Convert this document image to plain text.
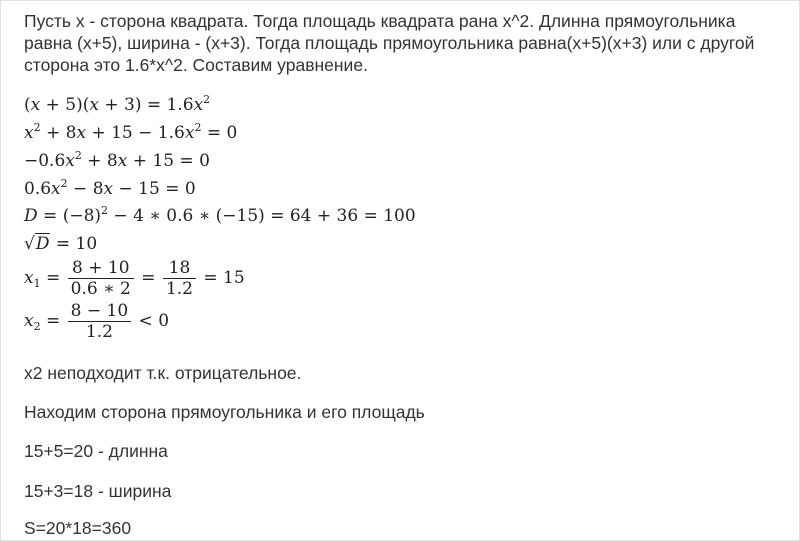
Пусть x - сторона квадрата. Тогда площадь квадрата рана x^2. Длинна прямоугольника равна (x+5), ширина - (x+3). Тогда площадь прямоугольника равна(x+5)(x+3) или с другой сторона это 1.6*x^2. Составим уравнение.

$(x + 5)(x + 3) = 1.6x^2$
$x^2 + 8x + 15 - 1.6x^2 = 0$
$-0.6x^2 + 8x + 15 = 0$
$0.6x^2 - 8x - 15 = 0$
$D = (-8)^2 - 4$ ∗ 0.6 ∗ (−15) = 64 + 36 = 100
√D = 10
$x_1 = \frac{8 + 10}{0.6 ∗ 2} = \frac{18}{1.2} = 15$
$x_2 = \frac{8 - 10}{1.2} < 0$

x2 неподходит т.к. отрицательное.

Находим сторона прямоугольника и его площадь

15+5=20 - длинна

15+3=18 - ширина

S=20*18=360
